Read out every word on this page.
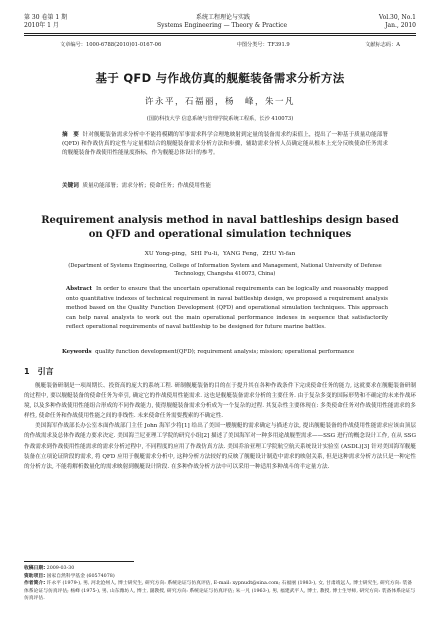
第 30 卷第 1 期	系统工程理论与实践	Vol.30, No.1
2010年 1 月	Systems Engineering — Theory & Practice	Jan., 2010
文章编号：1000-6788(2010)01-0167-06	中图分类号：TF391.9	文献标志码：A
基于 QFD 与作战仿真的舰艇装备需求分析方法
许永平，石福丽，杨　峰，朱一凡
(国防科技大学 信息系统与管理学院系统工程系，长沙 410073)
摘　要 针对舰艇装备需求分析中不能将模糊的军事需求科学合理地映射到定量的装备需求约束值上，提出了一种基于质量功能部署 (QFD) 和作战仿真的定性与定量相结合的舰艇装备需求分析方法和步骤，辅助需求分析人员确定能从根本上充分反映使命任务需求的舰艇装备作战使用性能量度指标，作为舰艇总体设计的参考。
关键词 质量功能部署；需求分析；使命任务；作战使用性能
Requirement analysis method in naval battleships design based on QFD and operational simulation techniques
XU Yong-ping，SHI Fu-li，YANG Feng，ZHU Yi-fan
(Department of Systems Engineering, College of Information System and Management, National University of Defense Technology, Changsha 410073, China)
Abstract In order to ensure that the uncertain operational requirements can be logically and reasonably mapped onto quantitative indexes of technical requirement in naval battleship design, we proposed a requirement analysis method based on the Quality Function Development (QFD) and operational simulation techniques. This approach can help naval analysts to work out the main operational performance indexes in sequence that satisfactorily reflect operational requirements of naval battleship to be designed for future marine battles.
Keywords quality function development(QFD); requirement analysis; mission; operational performance
1　引言

舰艇装备研制是一项周期长、投资高的庞大的系统工程. 研制舰艇装备的目的在于提升其在各种作战条件下完成使命任务的能力, 这就要求在舰艇装备研制的过程中, 要以舰艇装备的使命任务为牵引, 确定它的作战使用性能需求. 这也是舰艇装备需求分析的主要任务. 由于复杂多变的国际形势和不确定的未来作战环境, 以及多种作战使用性能组合形成的不同作战能力, 使得舰艇装备需求分析成为一个复杂的过程. 其复杂性主要体现在: 多类使命任务对作战使用性能需求的多样性, 使命任务和作战使用性能之间的非线性. 未来使命任务需要搜索的不确定性.

美国海军作战部长办公室本面作战部门主任 John 海军少将[1] 给出了美国一艘舰艇的需求确定与描述方法, 提出舰艇装备的作战使用性能需求应该由顶层的作战需求及总体作战能力要求决定. 美国海兰尼亚理工学院的研究小组[2] 描述了美国海军对一种多用途战舰型需求——SSG 进行的概念设计工作, 在从 SSG 作战需求到作战使用性能需求的需求分析过程中, 不同程度的应用了作战仿真方法. 美国乔治亚理工学院航空航天系统设计实验室 (ASDL)[3] 针对美国海军舰艇装备在立项论证阶段的需求, 将 QFD 应用于舰艇需求分析中, 这种分析方法较好的反映了舰艇设计制造中需求的映射关系, 但是这种需求分析方法只是一种定性的分析方法, 不能将解析数量化的需求映射到舰艇设计阶段. 在多种作战分析方法中可以采用一种适用多种战斗的半定量方法.

收稿日期: 2009-03-30
资助项目: 国家自然科学基金 (60574078)
作者简介: 许永平 (1979-), 男, 河北沧州人, 博士研究生, 研究方向: 系统论证与仿真评估, E-mail: xypnudt@sina.com; 石福丽 (1983-), 女, 甘肃靖远人, 博士研究生, 研究方向: 装备体系论证与仿真评估; 杨峰 (1975-), 男, 山东潍坊人, 博士, 副教授, 研究方向: 系统论证与仿真评估; 朱一凡 (1963-), 男, 福建武平人, 博士, 教授, 博士生导师, 研究方向: 装备体系论证与仿真评估.
